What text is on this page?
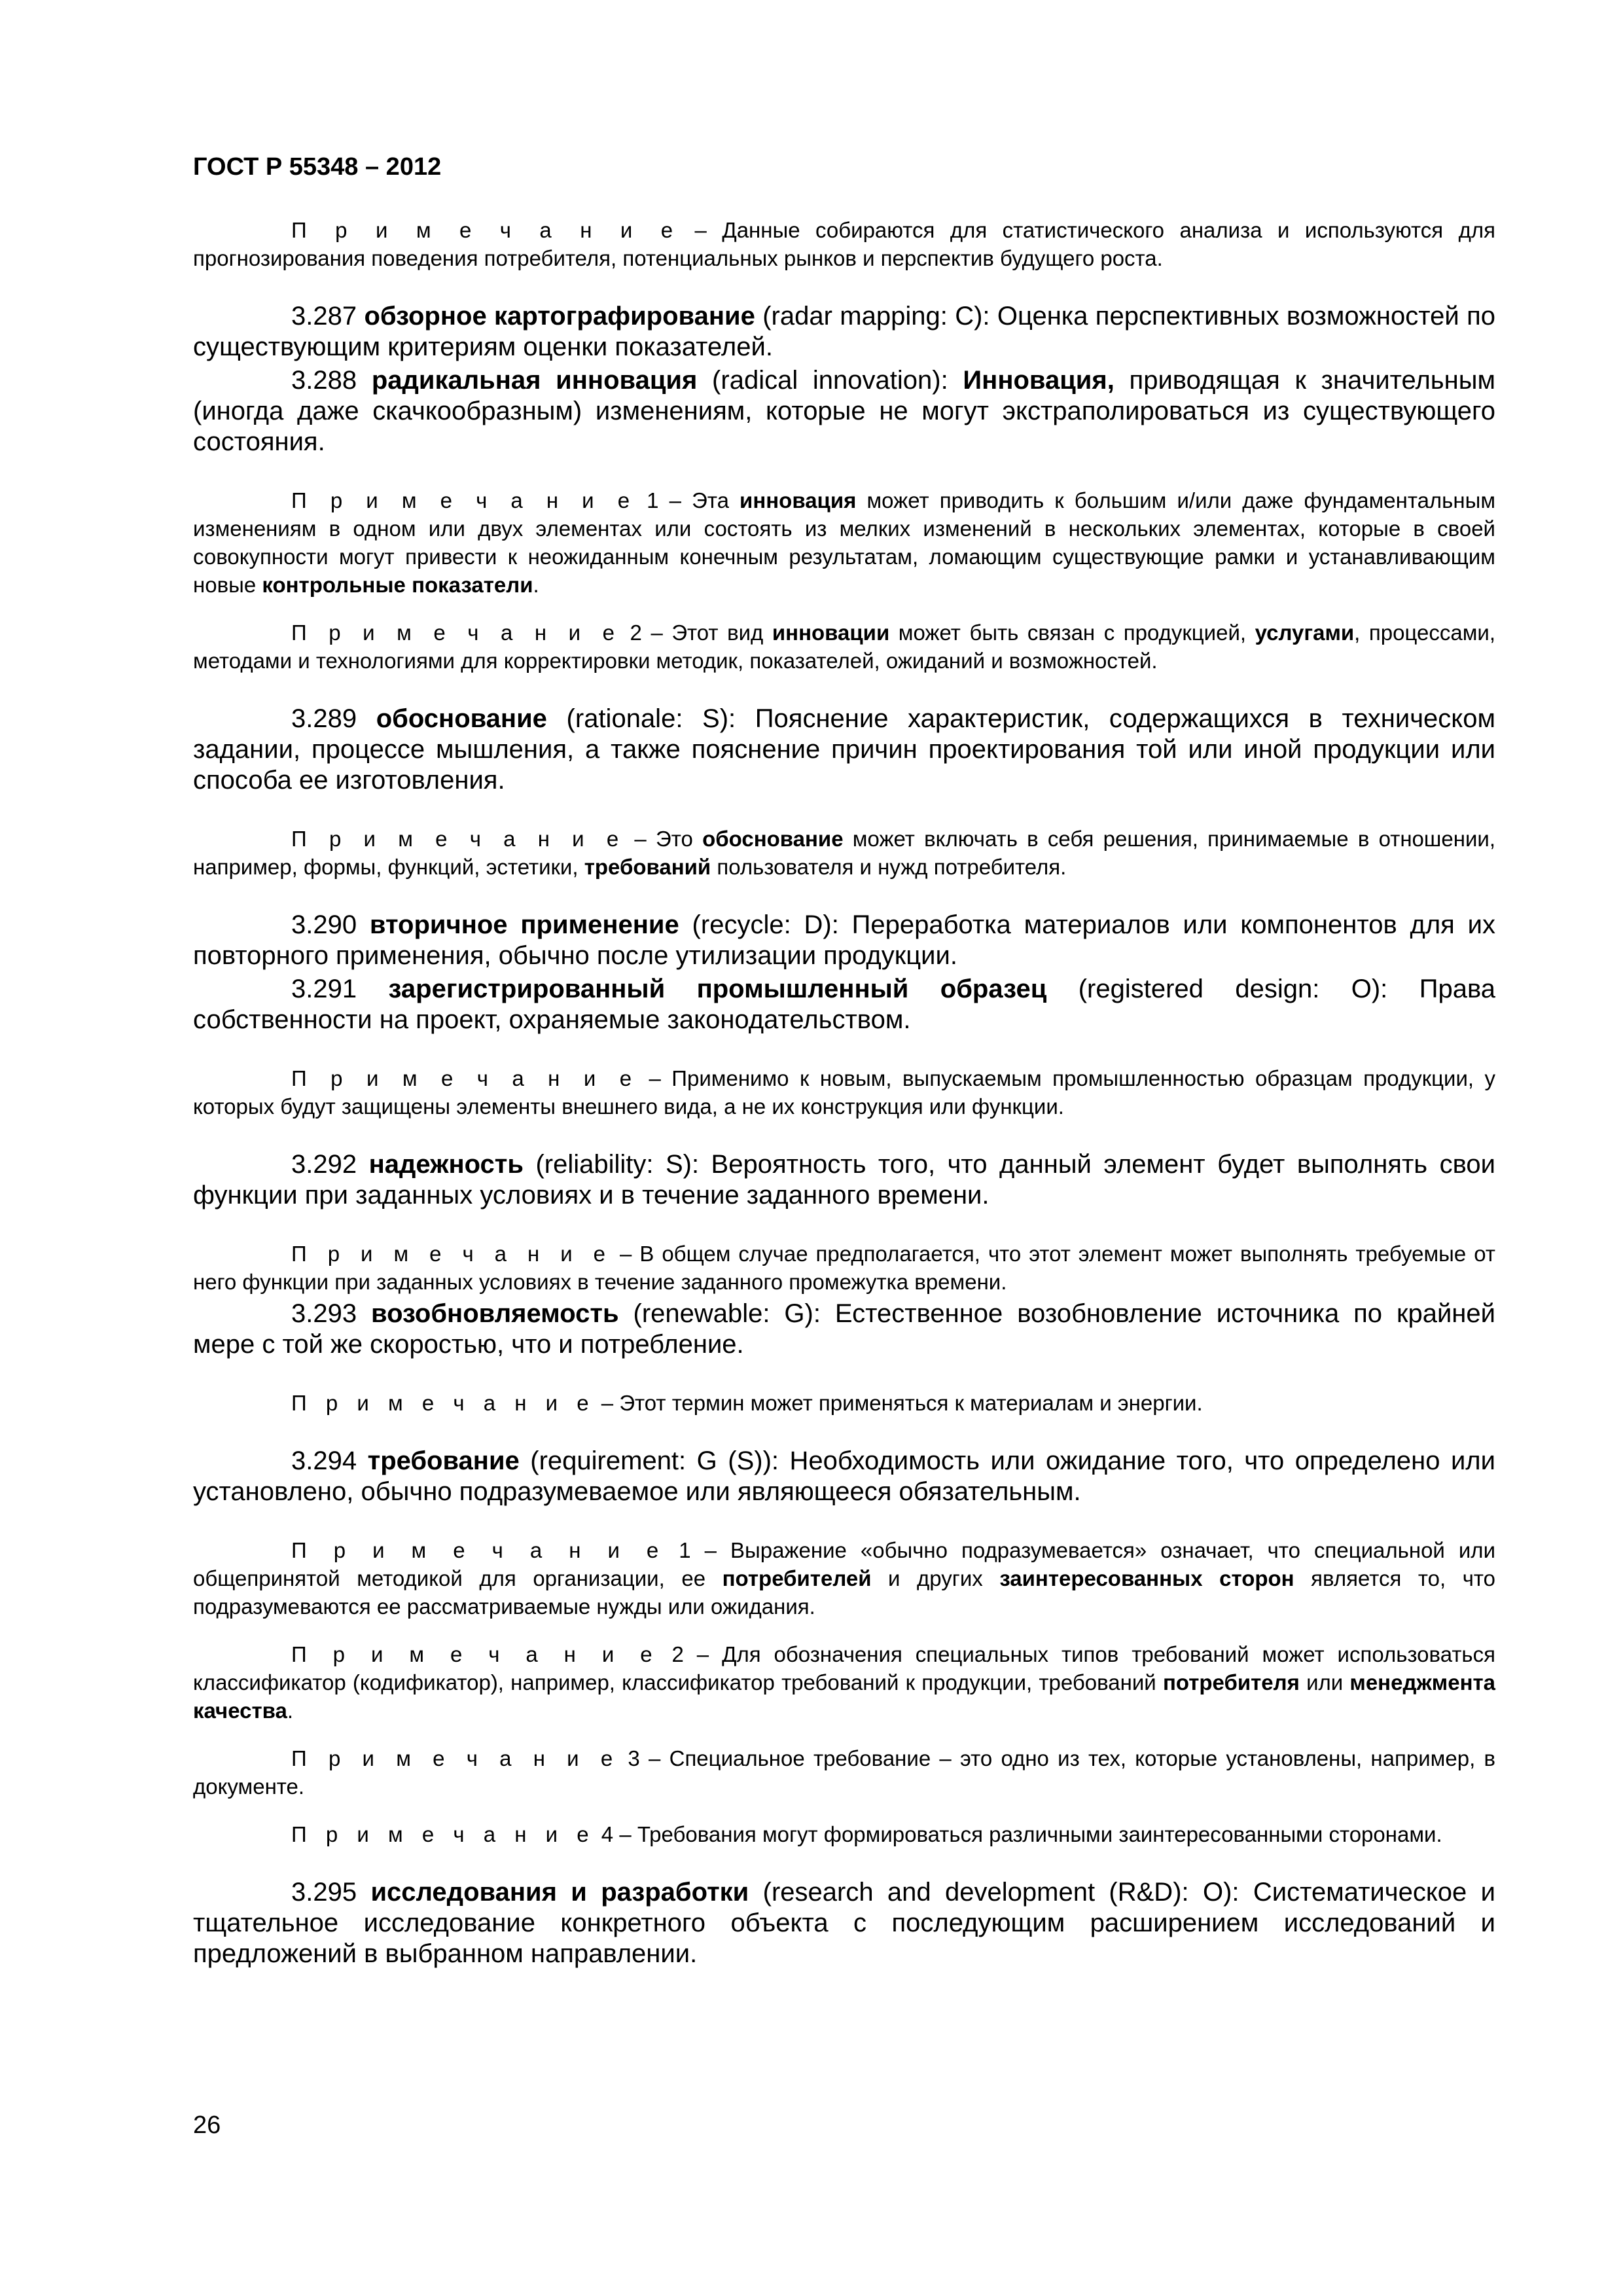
ГОСТ Р 55348 – 2012

П р и м е ч а н и е – Данные собираются для статистического анализа и используются для прогнозирования поведения потребителя, потенциальных рынков и перспектив будущего роста.

3.287 обзорное картографирование (radar mapping: C): Оценка перспективных возможностей по существующим критериям оценки показателей.

3.288 радикальная инновация (radical innovation): Инновация, приводящая к значительным (иногда даже скачкообразным) изменениям, которые не могут экстраполироваться из существующего состояния.

П р и м е ч а н и е 1 – Эта инновация может приводить к большим и/или даже фундаментальным изменениям в одном или двух элементах или состоять из мелких изменений в нескольких элементах, которые в своей совокупности могут привести к неожиданным конечным результатам, ломающим существующие рамки и устанавливающим новые контрольные показатели.

П р и м е ч а н и е 2 – Этот вид инновации может быть связан с продукцией, услугами, процессами, методами и технологиями для корректировки методик, показателей, ожиданий и возможностей.

3.289 обоснование (rationale: S): Пояснение характеристик, содержащихся в техническом задании, процессе мышления, а также пояснение причин проектирования той или иной продукции или способа ее изготовления.

П р и м е ч а н и е – Это обоснование может включать в себя решения, принимаемые в отношении, например, формы, функций, эстетики, требований пользователя и нужд потребителя.

3.290 вторичное применение (recycle: D): Переработка материалов или компонентов для их повторного применения, обычно после утилизации продукции.

3.291 зарегистрированный промышленный образец (registered design: O): Права собственности на проект, охраняемые законодательством.

П р и м е ч а н и е – Применимо к новым, выпускаемым промышленностью образцам продукции, у которых будут защищены элементы внешнего вида, а не их конструкция или функции.

3.292 надежность (reliability: S): Вероятность того, что данный элемент будет выполнять свои функции при заданных условиях и в течение заданного времени.

П р и м е ч а н и е – В общем случае предполагается, что этот элемент может выполнять требуемые от него функции при заданных условиях в течение заданного промежутка времени.

3.293 возобновляемость (renewable: G): Естественное возобновление источника по крайней мере с той же скоростью, что и потребление.

П р и м е ч а н и е – Этот термин может применяться к материалам и энергии.

3.294 требование (requirement: G (S)): Необходимость или ожидание того, что определено или установлено, обычно подразумеваемое или являющееся обязательным.

П р и м е ч а н и е 1 – Выражение «обычно подразумевается» означает, что специальной или общепринятой методикой для организации, ее потребителей и других заинтересованных сторон является то, что подразумеваются ее рассматриваемые нужды или ожидания.

П р и м е ч а н и е 2 – Для обозначения специальных типов требований может использоваться классификатор (кодификатор), например, классификатор требований к продукции, требований потребителя или менеджмента качества.

П р и м е ч а н и е 3 – Специальное требование – это одно из тех, которые установлены, например, в документе.

П р и м е ч а н и е 4 – Требования могут формироваться различными заинтересованными сторонами.

3.295 исследования и разработки (research and development (R&D): O): Систематическое и тщательное исследование конкретного объекта с последующим расширением исследований и предложений в выбранном направлении.

26
